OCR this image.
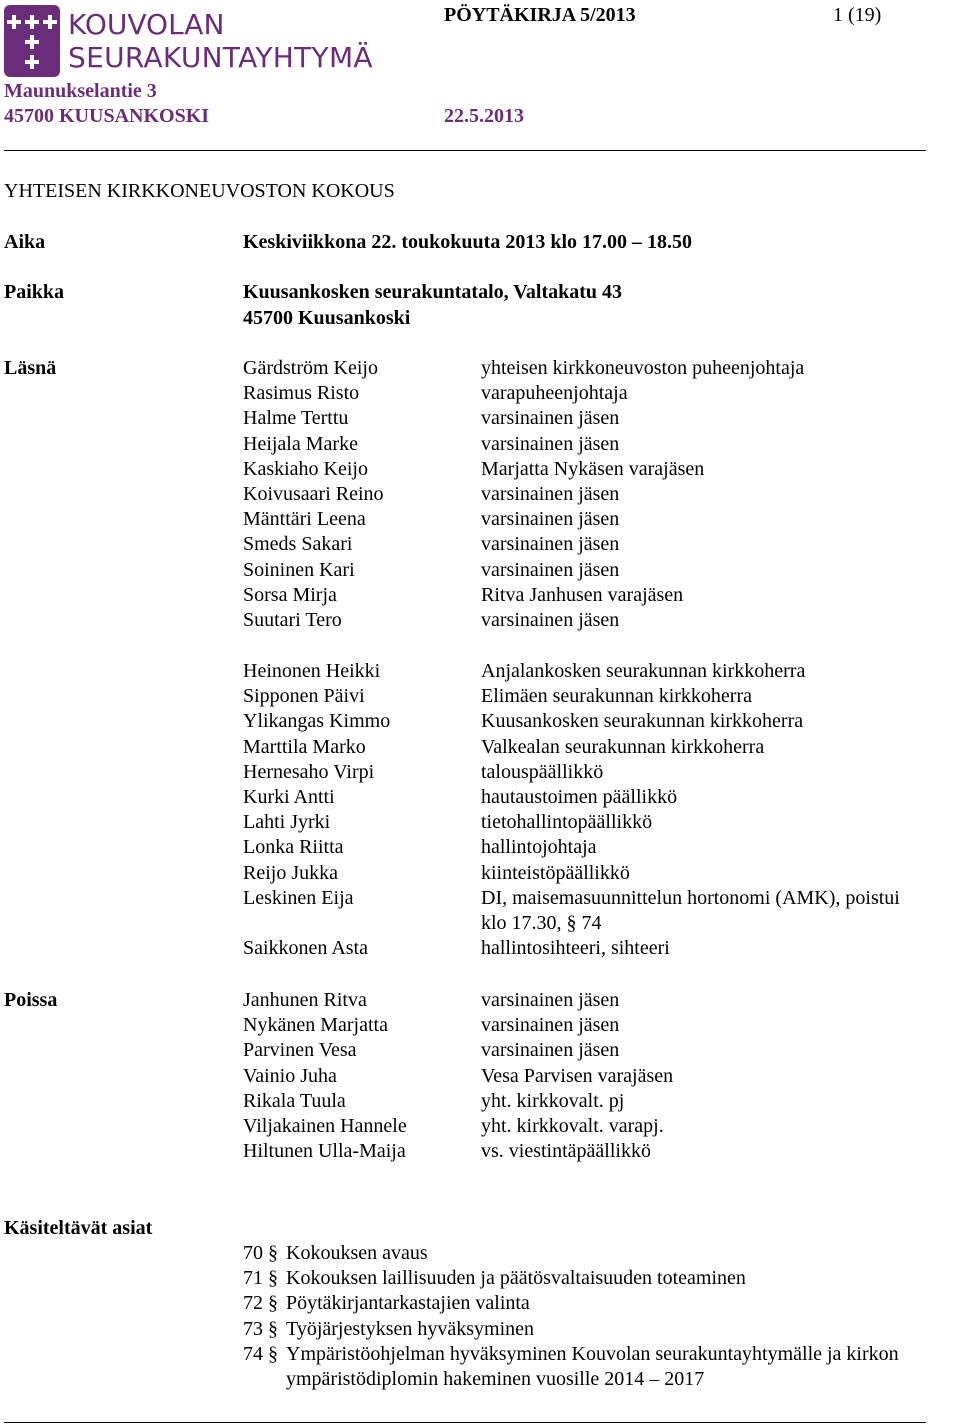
KOUVOLAN
SEURAKUNTAYHTYMÄ
PÖYTÄKIRJA 5/2013	1 (19)
Maunukselantie 3
45700 KUUSANKOSKI	22.5.2013
YHTEISEN KIRKKONEUVOSTON KOKOUS
Aika	Keskiviikkona 22. toukokuuta 2013 klo 17.00 – 18.50
Paikka	Kuusankosken seurakuntatalo, Valtakatu 43
45700 Kuusankoski
Läsnä	Gärdström Keijo	yhteisen kirkkoneuvoston puheenjohtaja
Rasimus Risto	varapuheenjohtaja
Halme Terttu	varsinainen jäsen
Heijala Marke	varsinainen jäsen
Kaskiaho Keijo	Marjatta Nykäsen varajäsen
Koivusaari Reino	varsinainen jäsen
Mänttäri Leena	varsinainen jäsen
Smeds Sakari	varsinainen jäsen
Soininen Kari	varsinainen jäsen
Sorsa Mirja	Ritva Janhusen varajäsen
Suutari Tero	varsinainen jäsen
Heinonen Heikki	Anjalankosken seurakunnan kirkkoherra
Sipponen Päivi	Elimäen seurakunnan kirkkoherra
Ylikangas Kimmo	Kuusankosken seurakunnan kirkkoherra
Marttila Marko	Valkealan seurakunnan kirkkoherra
Hernesaho Virpi	talouspäällikkö
Kurki Antti	hautaustoimen päällikkö
Lahti Jyrki	tietohallintopäällikkö
Lonka Riitta	hallintojohtaja
Reijo Jukka	kiinteistöpäällikkö
Leskinen Eija	DI, maisemasuunnittelun hortonomi (AMK), poistui
klo 17.30, § 74
Saikkonen Asta	hallintosihteeri, sihteeri
Poissa	Janhunen Ritva	varsinainen jäsen
Nykänen Marjatta	varsinainen jäsen
Parvinen Vesa	varsinainen jäsen
Vainio Juha	Vesa Parvisen varajäsen
Rikala Tuula	yht. kirkkovalt. pj
Viljakainen Hannele	yht. kirkkovalt. varapj.
Hiltunen Ulla-Maija	vs. viestintäpäällikkö
Käsiteltävät asiat
70 § Kokouksen avaus
71 § Kokouksen laillisuuden ja päätösvaltaisuuden toteaminen
72 § Pöytäkirjantarkastajien valinta
73 § Työjärjestyksen hyväksyminen
74 § Ympäristöohjelman hyväksyminen Kouvolan seurakuntayhtymälle ja kirkon
ympäristödiplomin hakeminen vuosille 2014 – 2017
